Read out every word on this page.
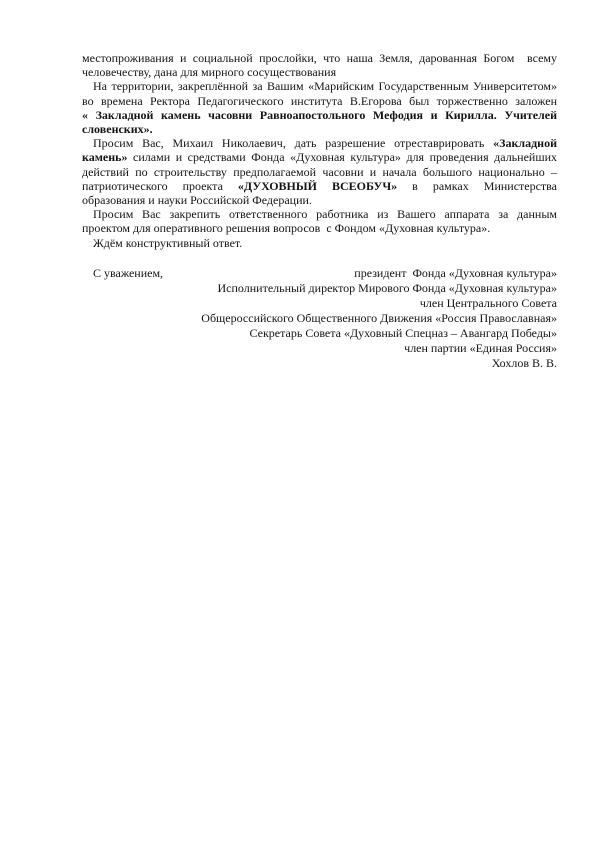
местопроживания и социальной прослойки, что наша Земля, дарованная Богом  всему
человечеству, дана для мирного сосуществования
На территории, закреплённой за Вашим «Марийским Государственным Университетом»
во времена Ректора Педагогического института В.Егорова был торжественно заложен
« Закладной камень часовни Равноапостольного Мефодия и Кирилла. Учителей
словенских».
Просим Вас, Михаил Николаевич, дать разрешение отреставрировать «Закладной
камень» силами и средствами Фонда «Духовная культура» для проведения дальнейших
действий по строительству предполагаемой часовни и начала большого национально –
патриотического проекта «ДУХОВНЫЙ ВСЕОБУЧ» в рамках Министерства
образования и науки Российской Федерации.
Просим Вас закрепить ответственного работника из Вашего аппарата за данным
проектом для оперативного решения вопросов  с Фондом «Духовная культура».
Ждём конструктивный ответ.
С уважением,	президент  Фонда «Духовная культура»
Исполнительный директор Мирового Фонда «Духовная культура»
член Центрального Совета
Общероссийского Общественного Движения «Россия Православная»
Секретарь Совета «Духовный Спецназ – Авангард Победы»
член партии «Единая Россия»
Хохлов В. В.
